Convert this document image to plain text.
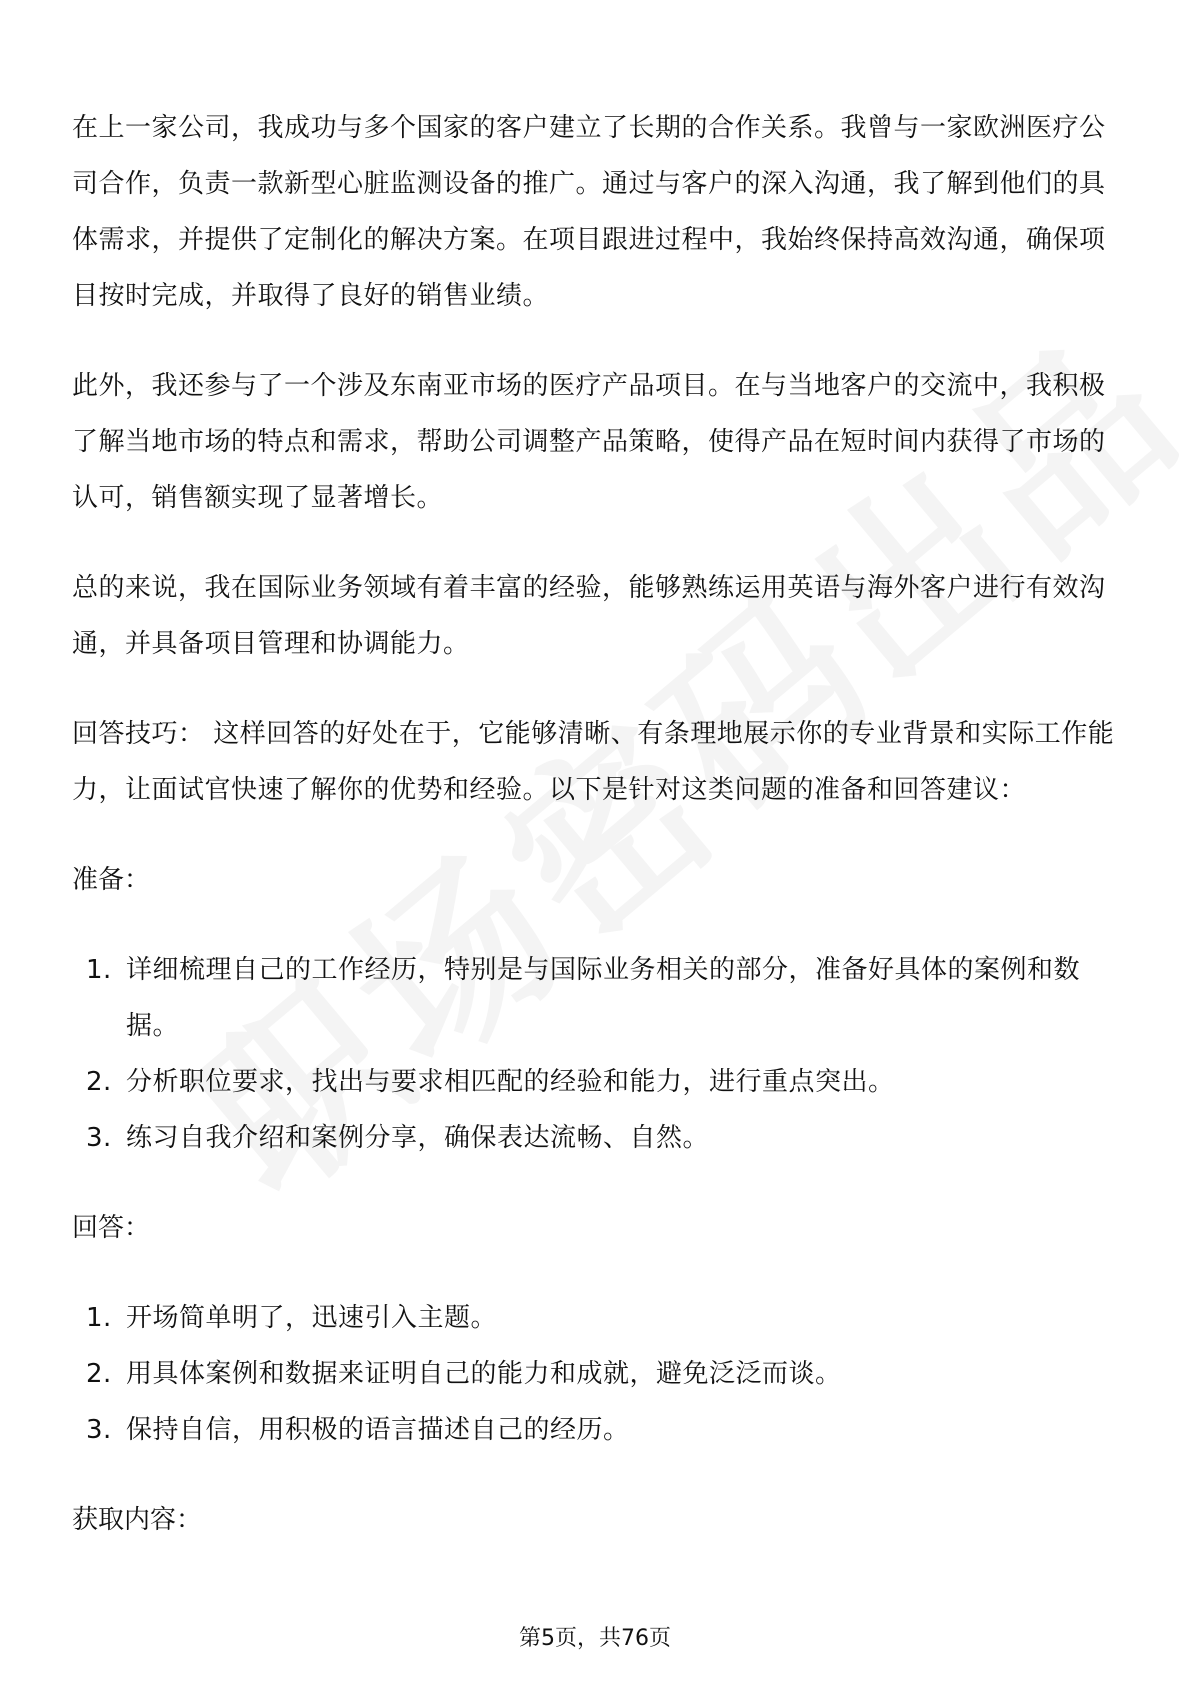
在上一家公司，我成功与多个国家的客户建立了长期的合作关系。我曾与一家欧洲医疗公司合作，负责一款新型心脏监测设备的推广。通过与客户的深入沟通，我了解到他们的具体需求，并提供了定制化的解决方案。在项目跟进过程中，我始终保持高效沟通，确保项目按时完成，并取得了良好的销售业绩。

此外，我还参与了一个涉及东南亚市场的医疗产品项目。在与当地客户的交流中，我积极了解当地市场的特点和需求，帮助公司调整产品策略，使得产品在短时间内获得了市场的认可，销售额实现了显著增长。

总的来说，我在国际业务领域有着丰富的经验，能够熟练运用英语与海外客户进行有效沟通，并具备项目管理和协调能力。

回答技巧： 这样回答的好处在于，它能够清晰、有条理地展示你的专业背景和实际工作能力，让面试官快速了解你的优势和经验。以下是针对这类问题的准备和回答建议：

准备：
1. 详细梳理自己的工作经历，特别是与国际业务相关的部分，准备好具体的案例和数据。
2. 分析职位要求，找出与要求相匹配的经验和能力，进行重点突出。
3. 练习自我介绍和案例分享，确保表达流畅、自然。
回答：
1. 开场简单明了，迅速引入主题。
2. 用具体案例和数据来证明自己的能力和成就，避免泛泛而谈。
3. 保持自信，用积极的语言描述自己的经历。
获取内容：
第5页，共76页
